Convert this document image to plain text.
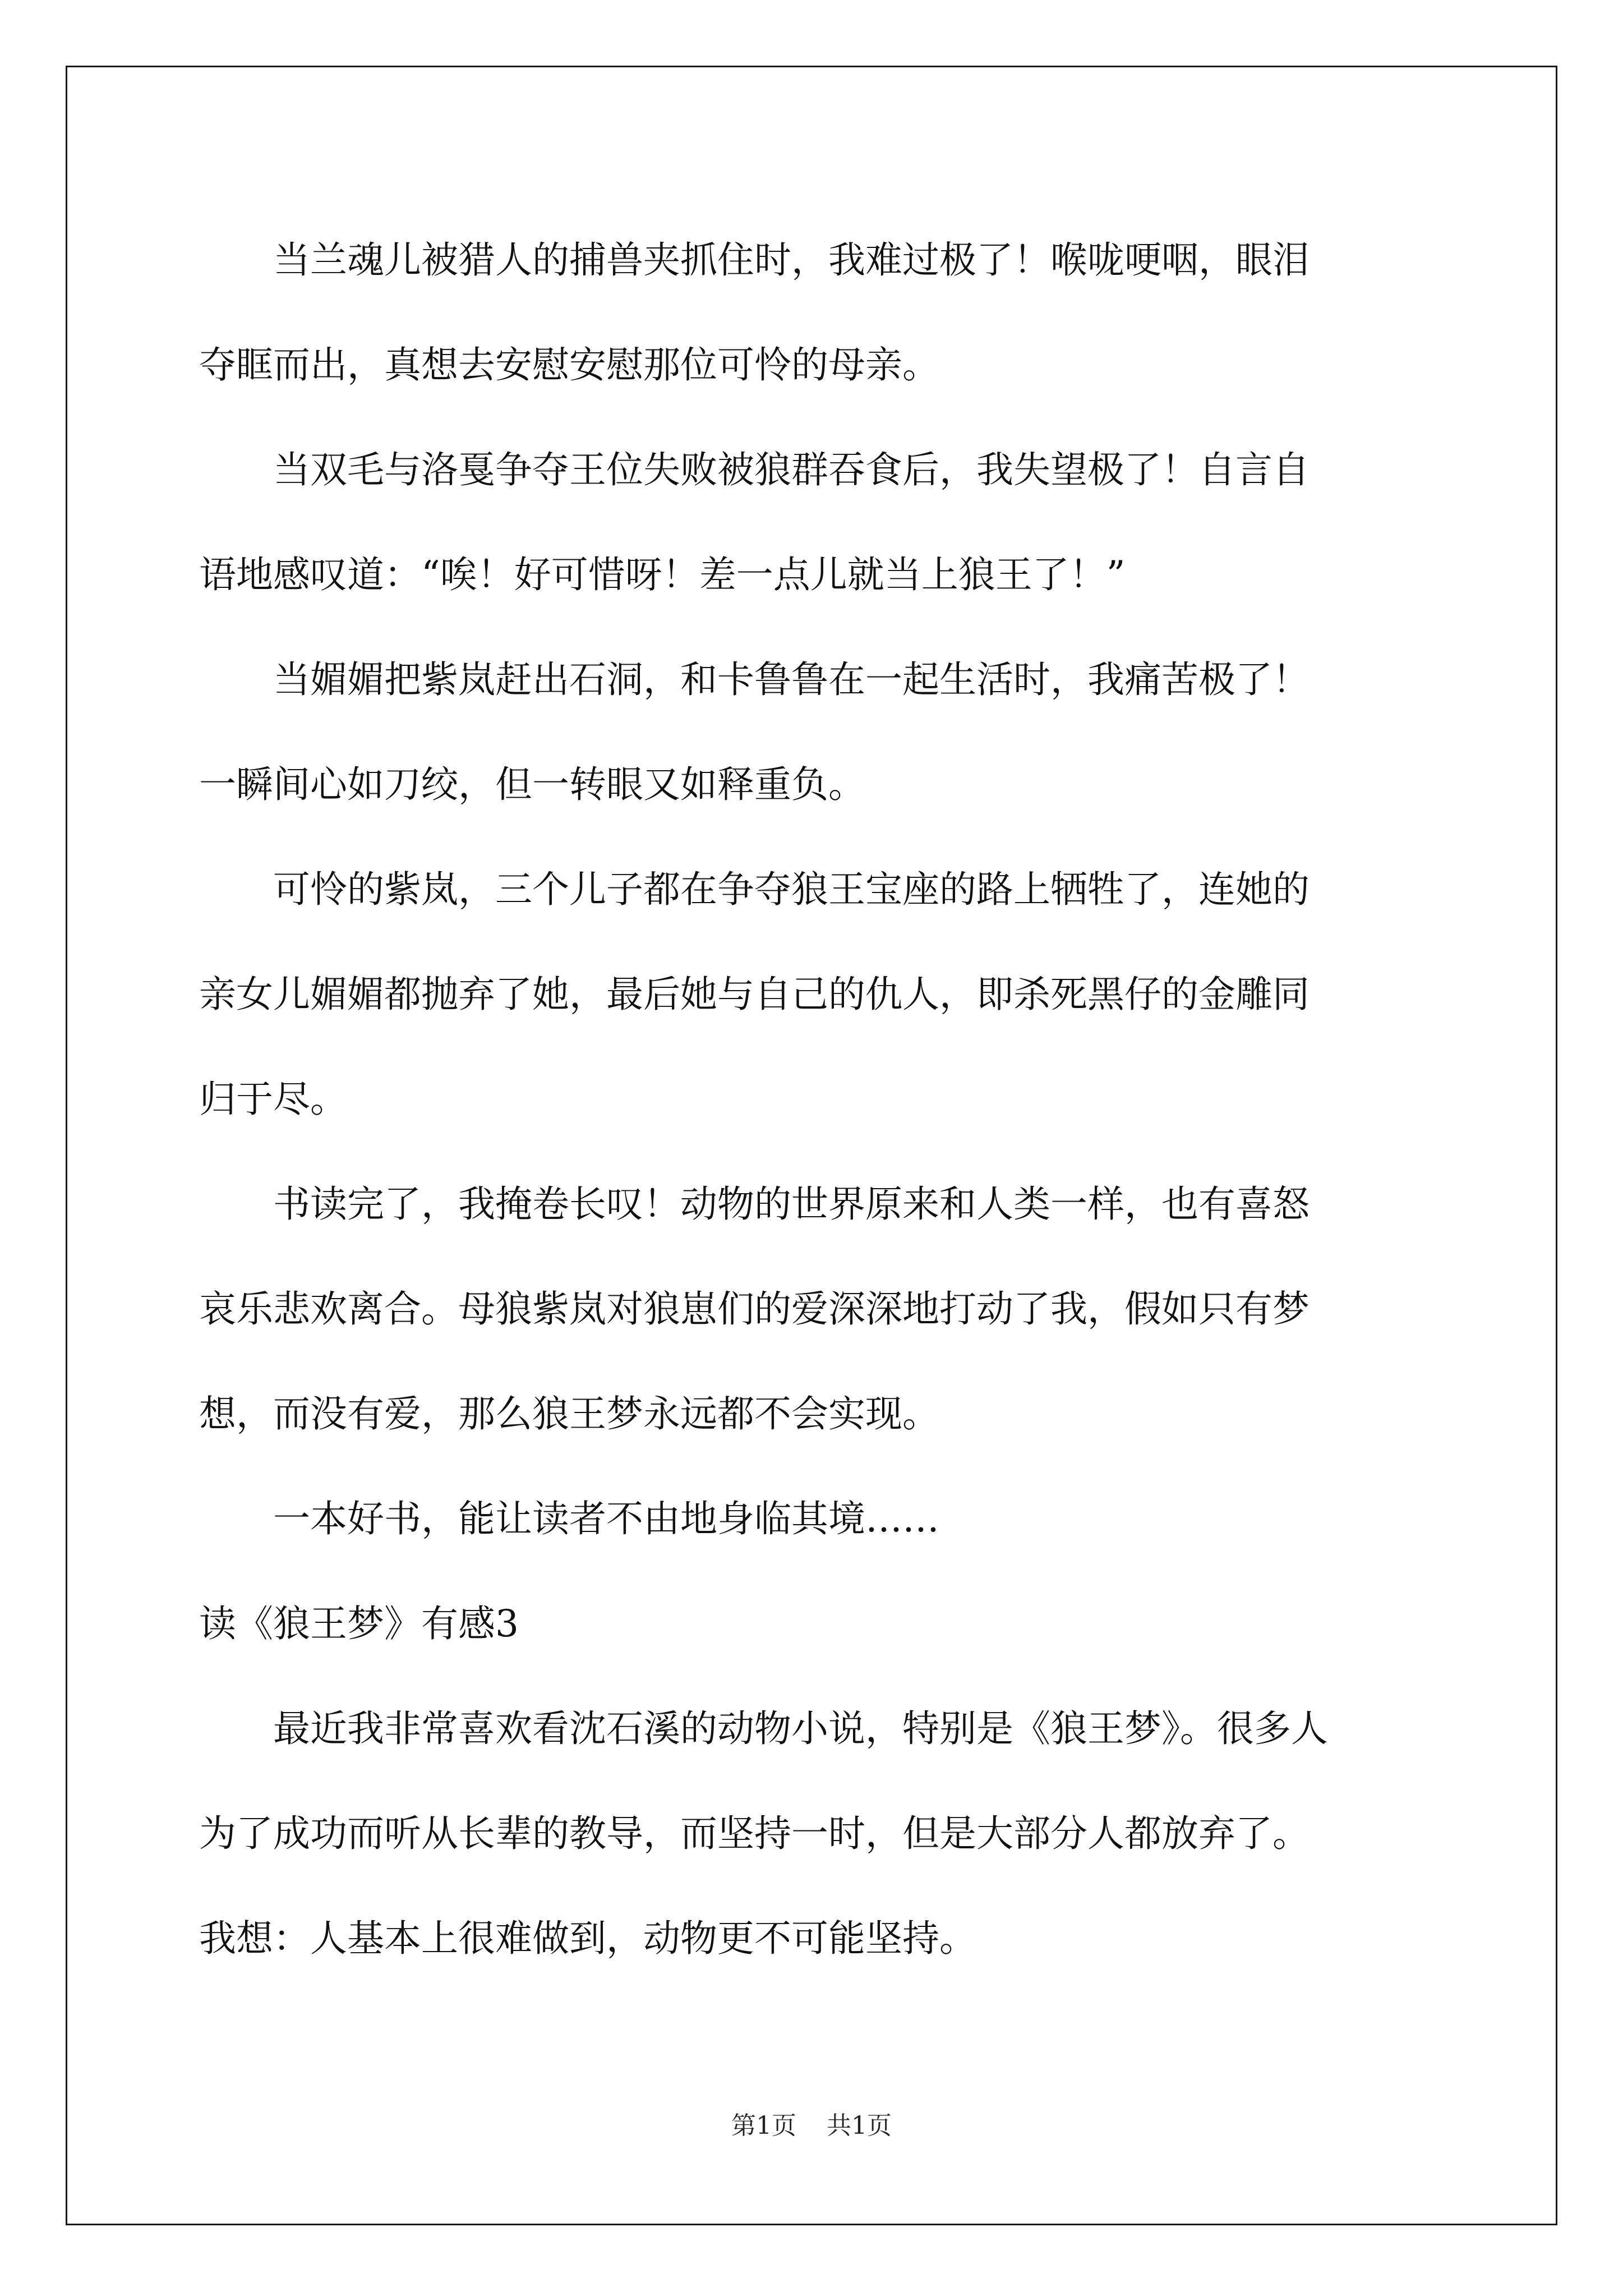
　　当兰魂儿被猎人的捕兽夹抓住时，我难过极了！喉咙哽咽，眼泪

夺眶而出，真想去安慰安慰那位可怜的母亲。

　　当双毛与洛戛争夺王位失败被狼群吞食后，我失望极了！自言自

语地感叹道：“唉！好可惜呀！差一点儿就当上狼王了！”

　　当媚媚把紫岚赶出石洞，和卡鲁鲁在一起生活时，我痛苦极了！

一瞬间心如刀绞，但一转眼又如释重负。

　　可怜的紫岚，三个儿子都在争夺狼王宝座的路上牺牲了，连她的

亲女儿媚媚都抛弃了她，最后她与自己的仇人，即杀死黑仔的金雕同

归于尽。

　　书读完了，我掩卷长叹！动物的世界原来和人类一样，也有喜怒

哀乐悲欢离合。母狼紫岚对狼崽们的爱深深地打动了我，假如只有梦

想，而没有爱，那么狼王梦永远都不会实现。

　　一本好书，能让读者不由地身临其境……

读《狼王梦》有感3

　　最近我非常喜欢看沈石溪的动物小说，特别是《狼王梦》。很多人

为了成功而听从长辈的教导，而坚持一时，但是大部分人都放弃了。

我想：人基本上很难做到，动物更不可能坚持。

第1页 共1页
